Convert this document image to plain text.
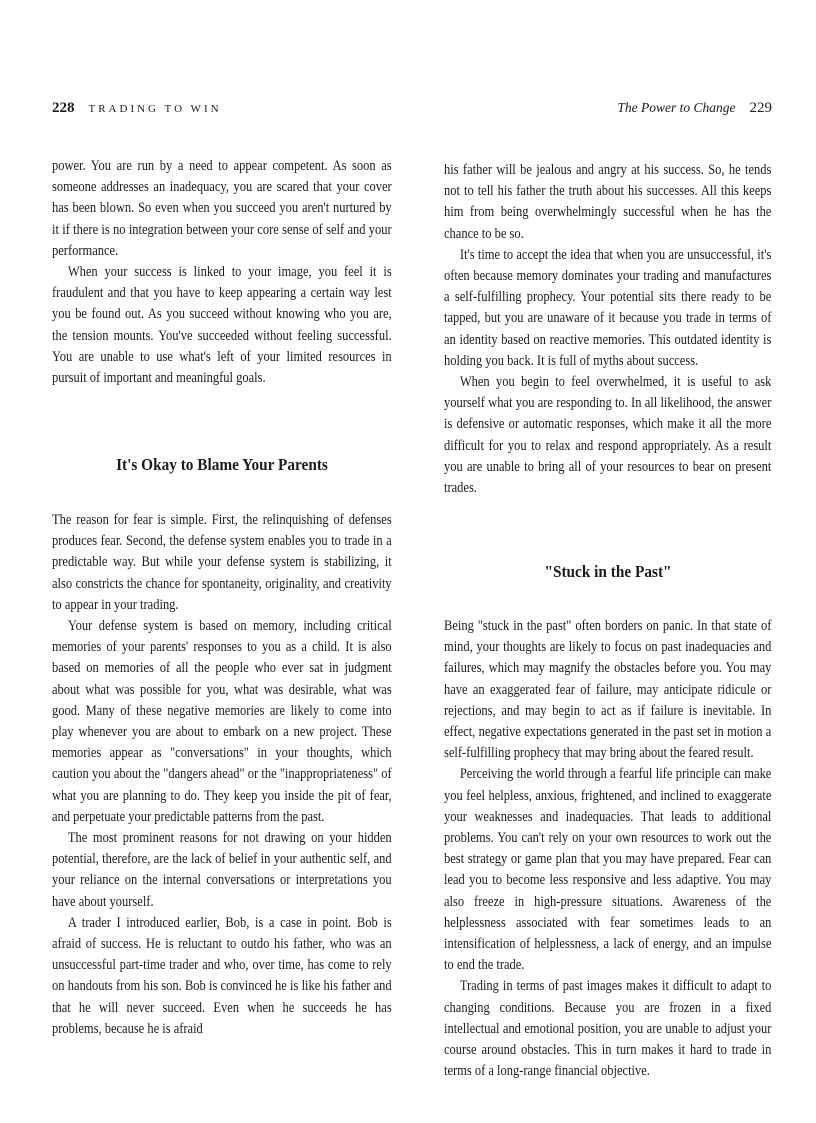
228 TRADING TO WIN

power. You are run by a need to appear competent. As soon as someone addresses an inadequacy, you are scared that your cover has been blown. So even when you succeed you aren't nurtured by it if there is no integration between your core sense of self and your performance.

When your success is linked to your image, you feel it is fraudulent and that you have to keep appearing a certain way lest you be found out. As you succeed without knowing who you are, the tension mounts. You've succeeded without feeling successful. You are unable to use what's left of your limited resources in pursuit of important and meaningful goals.

It's Okay to Blame Your Parents

The reason for fear is simple. First, the relinquishing of defenses produces fear. Second, the defense system enables you to trade in a predictable way. But while your defense system is stabilizing, it also constricts the chance for spontaneity, originality, and creativity to appear in your trading.

Your defense system is based on memory, including critical memories of your parents' responses to you as a child. It is also based on memories of all the people who ever sat in judgment about what was possible for you, what was desirable, what was good. Many of these negative memories are likely to come into play whenever you are about to embark on a new project. These memories appear as "conversations" in your thoughts, which caution you about the "dangers ahead" or the "inappropriateness" of what you are planning to do. They keep you inside the pit of fear, and perpetuate your predictable patterns from the past.

The most prominent reasons for not drawing on your hidden potential, therefore, are the lack of belief in your authentic self, and your reliance on the internal conversations or interpretations you have about yourself.

A trader I introduced earlier, Bob, is a case in point. Bob is afraid of success. He is reluctant to outdo his father, who was an unsuccessful part-time trader and who, over time, has come to rely on handouts from his son. Bob is convinced he is like his father and that he will never succeed. Even when he succeeds he has problems, because he is afraid

The Power to Change 229

his father will be jealous and angry at his success. So, he tends not to tell his father the truth about his successes. All this keeps him from being overwhelmingly successful when he has the chance to be so.

It's time to accept the idea that when you are unsuccessful, it's often because memory dominates your trading and manufactures a self-fulfilling prophecy. Your potential sits there ready to be tapped, but you are unaware of it because you trade in terms of an identity based on reactive memories. This outdated identity is holding you back. It is full of myths about success.

When you begin to feel overwhelmed, it is useful to ask yourself what you are responding to. In all likelihood, the answer is defensive or automatic responses, which make it all the more difficult for you to relax and respond appropriately. As a result you are unable to bring all of your resources to bear on present trades.

"Stuck in the Past"

Being "stuck in the past" often borders on panic. In that state of mind, your thoughts are likely to focus on past inadequacies and failures, which may magnify the obstacles before you. You may have an exaggerated fear of failure, may anticipate ridicule or rejections, and may begin to act as if failure is inevitable. In effect, negative expectations generated in the past set in motion a self-fulfilling prophecy that may bring about the feared result.

Perceiving the world through a fearful life principle can make you feel helpless, anxious, frightened, and inclined to exaggerate your weaknesses and inadequacies. That leads to additional problems. You can't rely on your own resources to work out the best strategy or game plan that you may have prepared. Fear can lead you to become less responsive and less adaptive. You may also freeze in high-pressure situations. Awareness of the helplessness associated with fear sometimes leads to an intensification of helplessness, a lack of energy, and an impulse to end the trade.

Trading in terms of past images makes it difficult to adapt to changing conditions. Because you are frozen in a fixed intellectual and emotional position, you are unable to adjust your course around obstacles. This in turn makes it hard to trade in terms of a long-range financial objective.
